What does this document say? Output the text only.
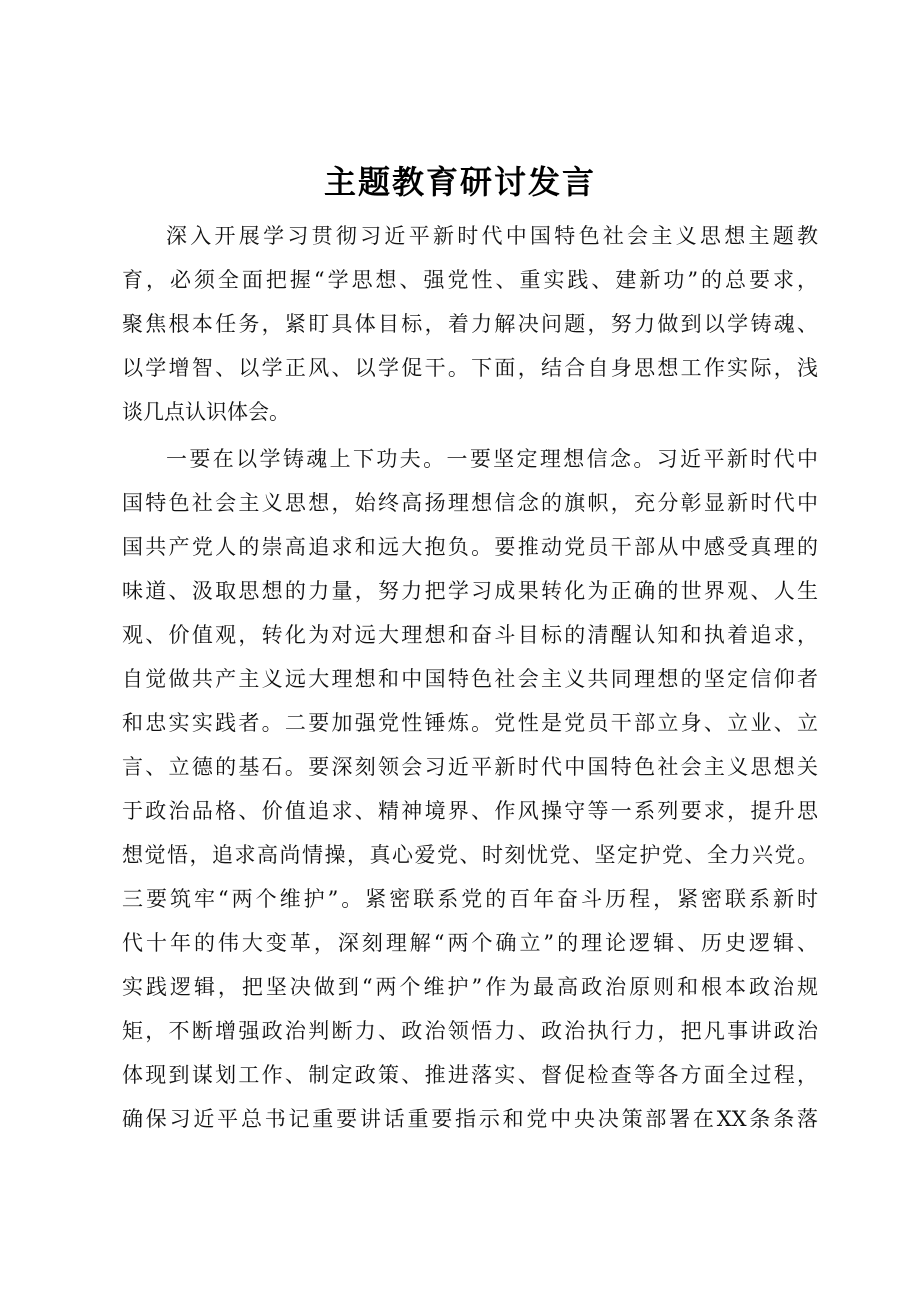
主题教育研讨发言
深入开展学习贯彻习近平新时代中国特色社会主义思想主题教
育，必须全面把握“学思想、强党性、重实践、建新功”的总要求，
聚焦根本任务，紧盯具体目标，着力解决问题，努力做到以学铸魂、
以学增智、以学正风、以学促干。下面，结合自身思想工作实际，浅
谈几点认识体会。
一要在以学铸魂上下功夫。一要坚定理想信念。习近平新时代中
国特色社会主义思想，始终高扬理想信念的旗帜，充分彰显新时代中
国共产党人的崇高追求和远大抱负。要推动党员干部从中感受真理的
味道、汲取思想的力量，努力把学习成果转化为正确的世界观、人生
观、价值观，转化为对远大理想和奋斗目标的清醒认知和执着追求，
自觉做共产主义远大理想和中国特色社会主义共同理想的坚定信仰者
和忠实实践者。二要加强党性锤炼。党性是党员干部立身、立业、立
言、立德的基石。要深刻领会习近平新时代中国特色社会主义思想关
于政治品格、价值追求、精神境界、作风操守等一系列要求，提升思
想觉悟，追求高尚情操，真心爱党、时刻忧党、坚定护党、全力兴党。
三要筑牢“两个维护”。紧密联系党的百年奋斗历程，紧密联系新时
代十年的伟大变革，深刻理解“两个确立”的理论逻辑、历史逻辑、
实践逻辑，把坚决做到“两个维护”作为最高政治原则和根本政治规
矩，不断增强政治判断力、政治领悟力、政治执行力，把凡事讲政治
体现到谋划工作、制定政策、推进落实、督促检查等各方面全过程，
确保习近平总书记重要讲话重要指示和党中央决策部署在XX条条落
